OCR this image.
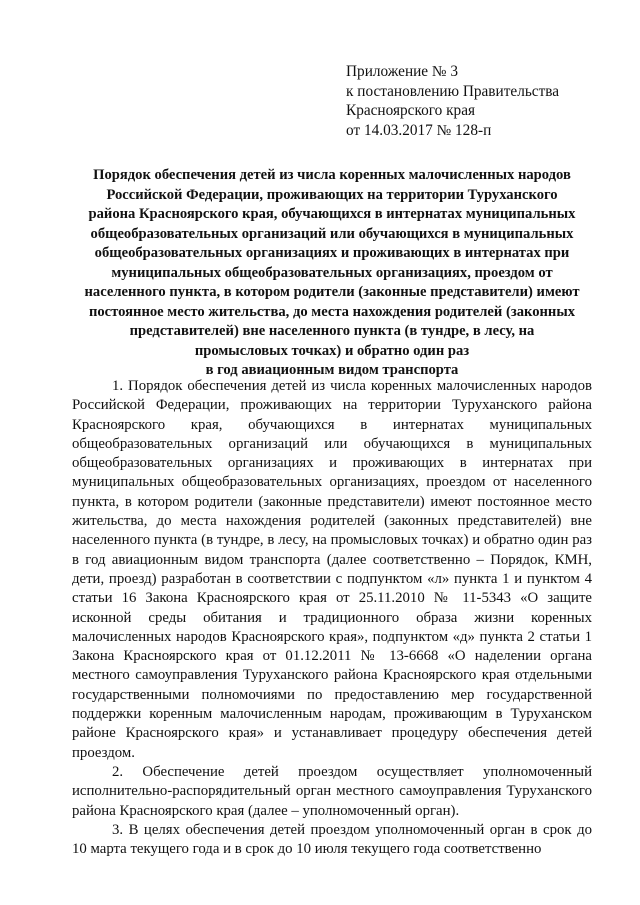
Приложение № 3
к постановлению Правительства
Красноярского края
от 14.03.2017 № 128-п
Порядок обеспечения детей из числа коренных малочисленных народов
Российской Федерации, проживающих на территории Туруханского
района Красноярского края, обучающихся в интернатах муниципальных
общеобразовательных организаций или обучающихся в муниципальных
общеобразовательных организациях и проживающих в интернатах при
муниципальных общеобразовательных организациях, проездом от
населенного пункта, в котором родители (законные представители) имеют
постоянное место жительства, до места нахождения родителей (законных
представителей) вне населенного пункта (в тундре, в лесу, на
промысловых точках) и обратно один раз
в год авиационным видом транспорта

1. Порядок обеспечения детей из числа коренных малочисленных народов Российской Федерации, проживающих на территории Туруханского района Красноярского края, обучающихся в интернатах муниципальных общеобразовательных организаций или обучающихся в муниципальных общеобразовательных организациях и проживающих в интернатах при муниципальных общеобразовательных организациях, проездом от населенного пункта, в котором родители (законные представители) имеют постоянное место жительства, до места нахождения родителей (законных представителей) вне населенного пункта (в тундре, в лесу, на промысловых точках) и обратно один раз в год авиационным видом транспорта (далее соответственно – Порядок, КМН, дети, проезд) разработан в соответствии с подпунктом «л» пункта 1 и пунктом 4 статьи 16 Закона Красноярского края от 25.11.2010 № 11-5343 «О защите исконной среды обитания и традиционного образа жизни коренных малочисленных народов Красноярского края», подпунктом «д» пункта 2 статьи 1 Закона Красноярского края от 01.12.2011 № 13-6668 «О наделении органа местного самоуправления Туруханского района Красноярского края отдельными государственными полномочиями по предоставлению мер государственной поддержки коренным малочисленным народам, проживающим в Туруханском районе Красноярского края» и устанавливает процедуру обеспечения детей проездом.

2. Обеспечение детей проездом осуществляет уполномоченный исполнительно-распорядительный орган местного самоуправления Туруханского района Красноярского края (далее – уполномоченный орган).

3. В целях обеспечения детей проездом уполномоченный орган в срок до 10 марта текущего года и в срок до 10 июля текущего года соответственно
